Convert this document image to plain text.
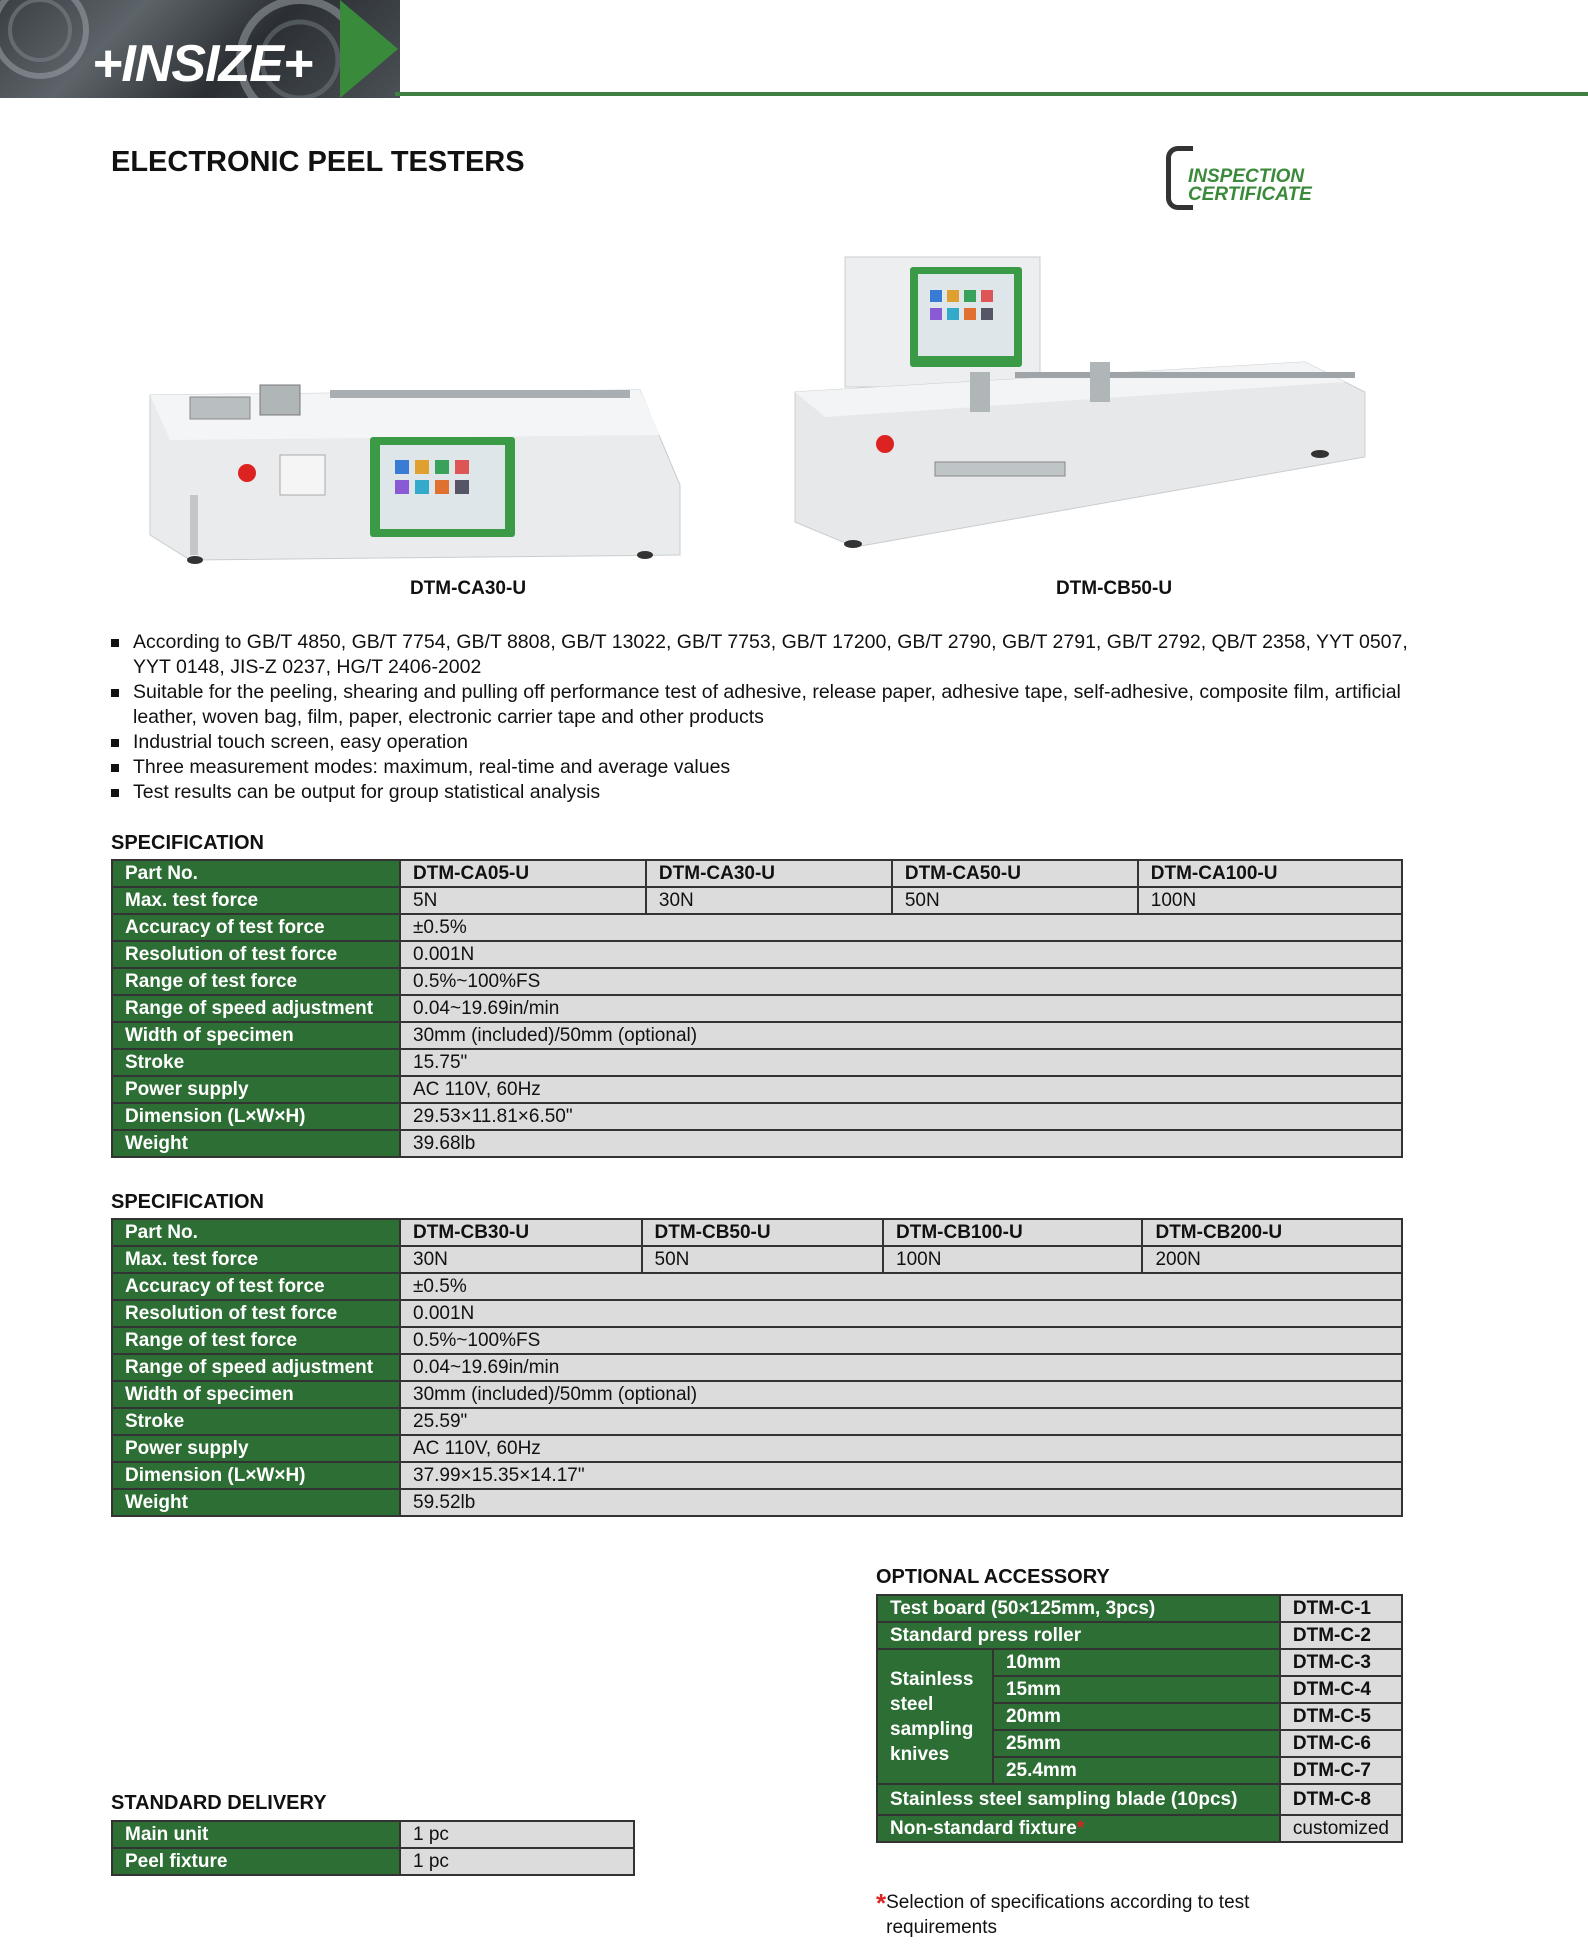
+INSIZE+
ELECTRONIC PEEL TESTERS	INSPECTION
CERTIFICATE
DTM-CA30-U	DTM-CB50-U
According to GB/T 4850, GB/T 7754, GB/T 8808, GB/T 13022, GB/T 7753, GB/T 17200, GB/T 2790, GB/T 2791, GB/T 2792, QB/T 2358, YYT 0507, YYT 0148, JIS-Z 0237, HG/T 2406-2002
Suitable for the peeling, shearing and pulling off performance test of adhesive, release paper, adhesive tape, self-adhesive, composite film, artificial leather, woven bag, film, paper, electronic carrier tape and other products
Industrial touch screen, easy operation
Three measurement modes: maximum, real-time and average values
Test results can be output for group statistical analysis
SPECIFICATION
Part No.	DTM-CA05-U	DTM-CA30-U	DTM-CA50-U	DTM-CA100-U
Max. test force	5N	30N	50N	100N
Accuracy of test force	±0.5%			
Resolution of test force	0.001N			
Range of test force	0.5%~100%FS			
Range of speed adjustment	0.04~19.69in/min			
Width of specimen	30mm (included)/50mm (optional)			
Stroke	15.75"			
Power supply	AC 110V, 60Hz			
Dimension (L×W×H)	29.53×11.81×6.50"			
Weight	39.68lb			
SPECIFICATION
Part No.	DTM-CB30-U	DTM-CB50-U	DTM-CB100-U	DTM-CB200-U
Max. test force	30N	50N	100N	200N
Accuracy of test force	±0.5%			
Resolution of test force	0.001N			
Range of test force	0.5%~100%FS			
Range of speed adjustment	0.04~19.69in/min			
Width of specimen	30mm (included)/50mm (optional)			
Stroke	25.59"			
Power supply	AC 110V, 60Hz			
Dimension (L×W×H)	37.99×15.35×14.17"			
Weight	59.52lb			
STANDARD DELIVERY
Main unit	1 pc
Peel fixture	1 pc
OPTIONAL ACCESSORY
Test board (50×125mm, 3pcs)		DTM-C-1
Standard press roller		DTM-C-2
Stainless steel sampling knives	10mm	DTM-C-3
	15mm	DTM-C-4
	20mm	DTM-C-5
	25mm	DTM-C-6
	25.4mm	DTM-C-7
Stainless steel sampling blade (10pcs)		DTM-C-8
Non-standard fixture*		customized
*Selection of specifications according to test requirements
